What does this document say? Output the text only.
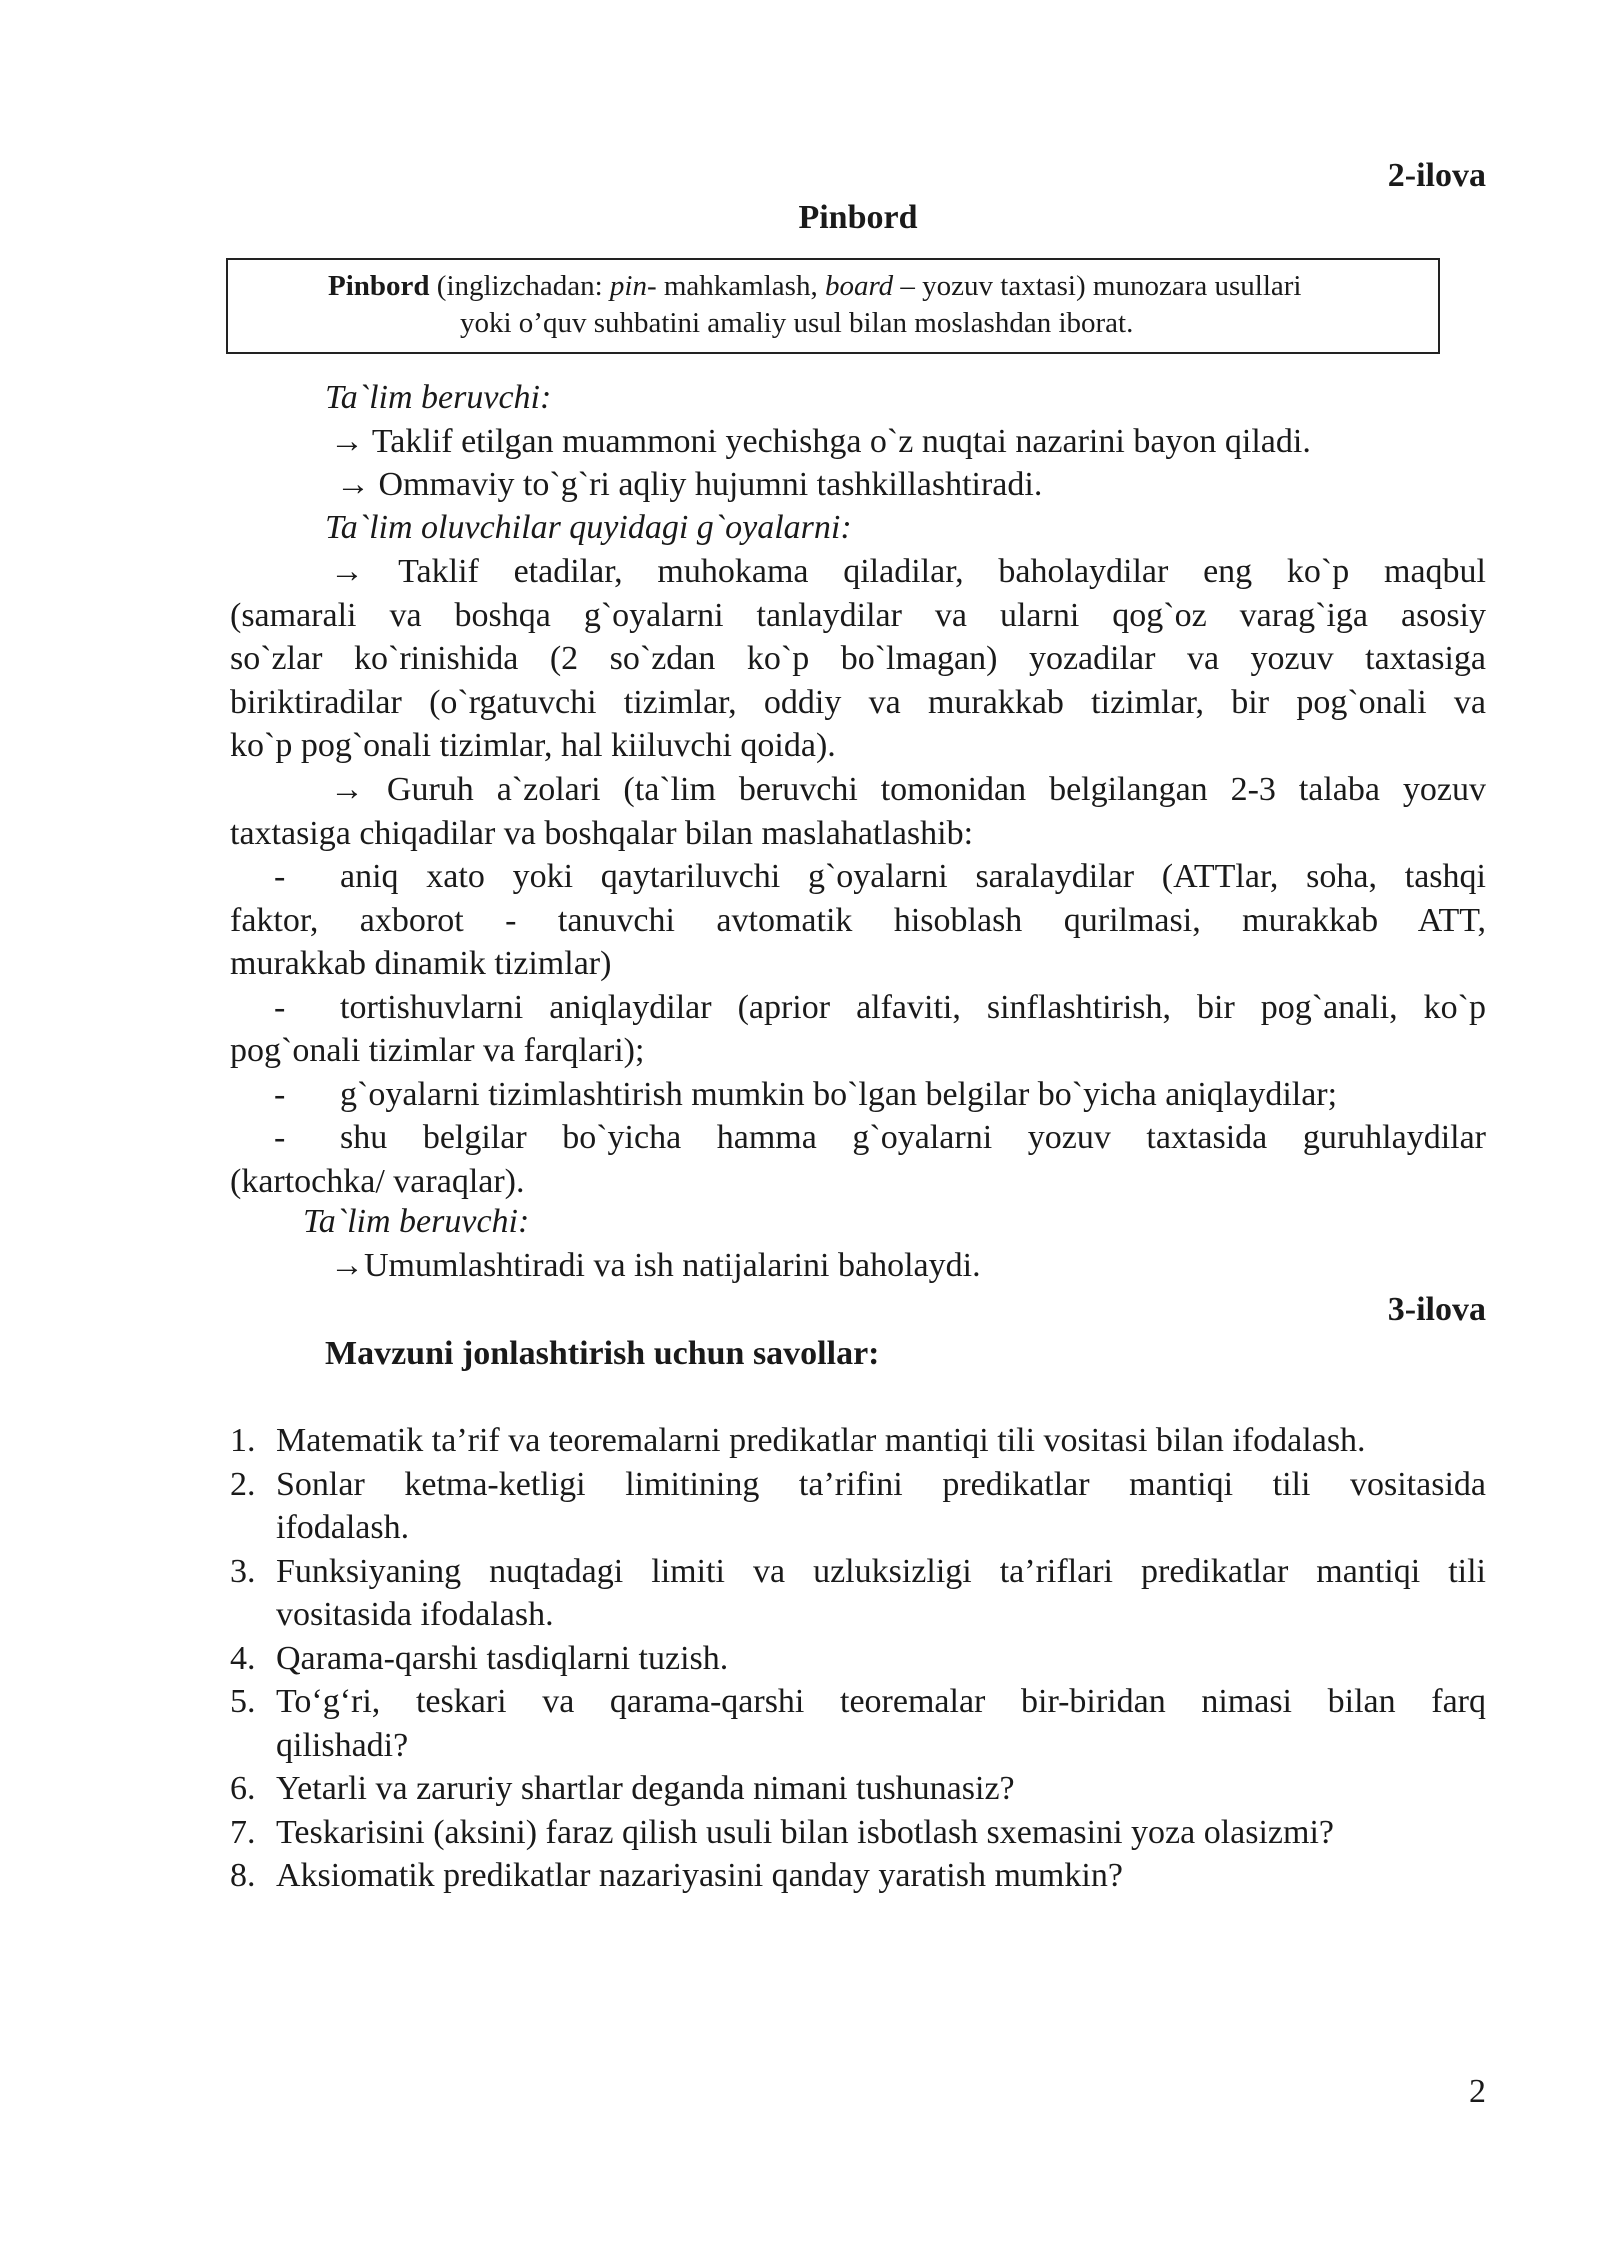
2-ilova
Pinbord

Pinbord (inglizchadan: pin- mahkamlash, board – yozuv taxtasi) munozara usullari

yoki o’quv suhbatini amaliy usul bilan moslashdan iborat.

Ta`lim beruvchi:
→ Taklif etilgan muammoni yechishga o`z nuqtai nazarini bayon qiladi.
→ Ommaviy to`g`ri aqliy hujumni tashkillashtiradi.
Ta`lim oluvchilar quyidagi g`oyalarni:
→ Taklif etadilar, muhokama qiladilar, baholaydilar eng ko`p maqbul
(samarali va boshqa g`oyalarni tanlaydilar va ularni qog`oz varag`iga asosiy
so`zlar ko`rinishida (2 so`zdan ko`p bo`lmagan) yozadilar va yozuv taxtasiga
biriktiradilar (o`rgatuvchi tizimlar, oddiy va murakkab tizimlar, bir pog`onali va
ko`p pog`onali tizimlar, hal kiiluvchi qoida).
→ Guruh a`zolari (ta`lim beruvchi tomonidan belgilangan 2-3 talaba yozuv
taxtasiga chiqadilar va boshqalar bilan maslahatlashib:
- aniq xato yoki qaytariluvchi g`oyalarni saralaydilar (ATTlar, soha, tashqi
faktor, axborot - tanuvchi avtomatik hisoblash qurilmasi, murakkab ATT,
murakkab dinamik tizimlar)
- tortishuvlarni aniqlaydilar (aprior alfaviti, sinflashtirish, bir pog`anali, ko`p
pog`onali tizimlar va farqlari);
- g`oyalarni tizimlashtirish mumkin bo`lgan belgilar bo`yicha aniqlaydilar;
- shu belgilar bo`yicha hamma g`oyalarni yozuv taxtasida guruhlaydilar
(kartochka/ varaqlar).
Ta`lim beruvchi:
→Umumlashtiradi va ish natijalarini baholaydi.
3-ilova
Mavzuni jonlashtirish uchun savollar:
1. Matematik ta’rif va teoremalarni predikatlar mantiqi tili vositasi bilan ifodalash.
2. Sonlar ketma-ketligi limitining ta’rifini predikatlar mantiqi tili vositasida
ifodalash.
3. Funksiyaning nuqtadagi limiti va uzluksizligi ta’riflari predikatlar mantiqi tili
vositasida ifodalash.
4. Qarama-qarshi tasdiqlarni tuzish.
5. To‘g‘ri, teskari va qarama-qarshi teoremalar bir-biridan nimasi bilan farq
qilishadi?
6. Yetarli va zaruriy shartlar deganda nimani tushunasiz?
7. Teskarisini (aksini) faraz qilish usuli bilan isbotlash sxemasini yoza olasizmi?
8. Aksiomatik predikatlar nazariyasini qanday yaratish mumkin?
2
